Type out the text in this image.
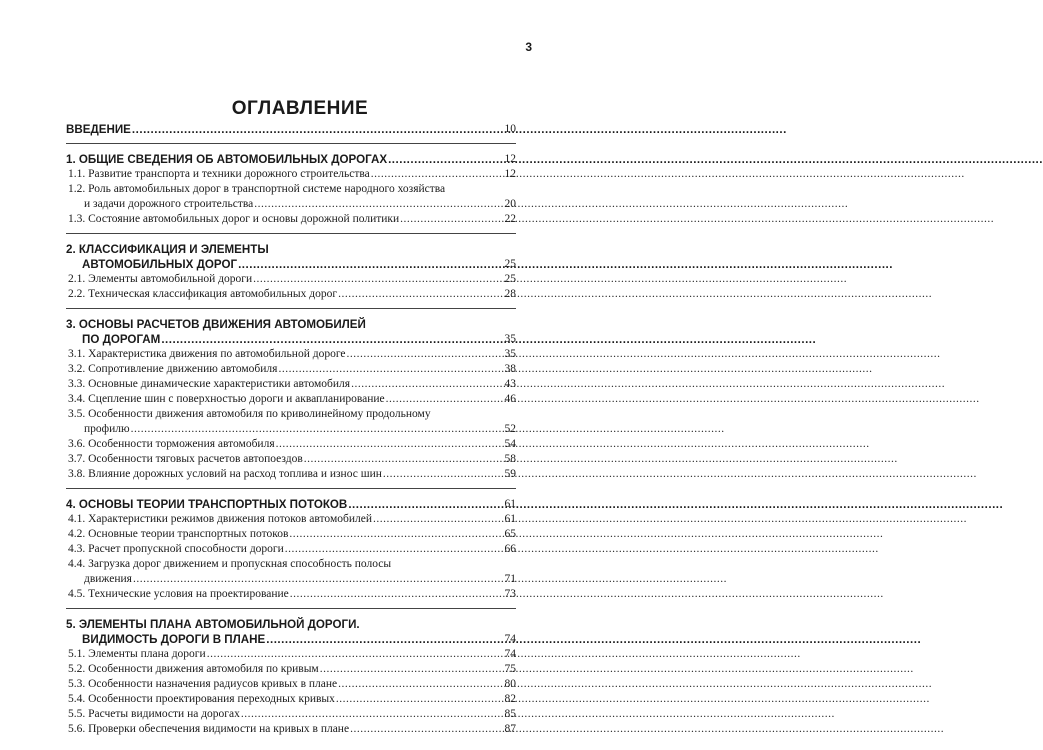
3
ОГЛАВЛЕНИЕ
ВВЕДЕНИЕ .....	10
1. ОБЩИЕ СВЕДЕНИЯ ОБ АВТОМОБИЛЬНЫХ ДОРОГАХ .....	12
1.1. Развитие транспорта и техники дорожного строительства .....	12
1.2. Роль автомобильных дорог в транспортной системе народного хозяйства
и задачи дорожного строительства .....	20
1.3. Состояние автомобильных дорог и основы дорожной политики .....	22
2. КЛАССИФИКАЦИЯ И ЭЛЕМЕНТЫ
АВТОМОБИЛЬНЫХ ДОРОГ .....	25
2.1. Элементы автомобильной дороги .....	25
2.2. Техническая классификация автомобильных дорог .....	28
3. ОСНОВЫ РАСЧЕТОВ ДВИЖЕНИЯ АВТОМОБИЛЕЙ
ПО ДОРОГАМ .....	35
3.1. Характеристика движения по автомобильной дороге .....	35
3.2. Сопротивление движению автомобиля .....	38
3.3. Основные динамические характеристики автомобиля .....	43
3.4. Сцепление шин с поверхностью дороги и аквапланирование .....	46
3.5. Особенности движения автомобиля по криволинейному продольному
профилю .....	52
3.6. Особенности торможения автомобиля .....	54
3.7. Особенности тяговых расчетов автопоездов .....	58
3.8. Влияние дорожных условий на расход топлива и износ шин .....	59
4. ОСНОВЫ ТЕОРИИ ТРАНСПОРТНЫХ ПОТОКОВ .....	61
4.1. Характеристики режимов движения потоков автомобилей .....	61
4.2. Основные теории транспортных потоков .....	65
4.3. Расчет пропускной способности дороги .....	66
4.4. Загрузка дорог движением и пропускная способность полосы
движения .....	71
4.5. Технические условия на проектирование .....	73
5. ЭЛЕМЕНТЫ ПЛАНА АВТОМОБИЛЬНОЙ ДОРОГИ.
ВИДИМОСТЬ ДОРОГИ В ПЛАНЕ .....	74
5.1. Элементы плана дороги .....	74
5.2. Особенности движения автомобиля по кривым .....	75
5.3. Особенности назначения радиусов кривых в плане .....	80
5.4. Особенности проектирования переходных кривых .....	82
5.5. Расчеты видимости на дорогах .....	85
5.6. Проверки обеспечения видимости на кривых в плане .....	87
